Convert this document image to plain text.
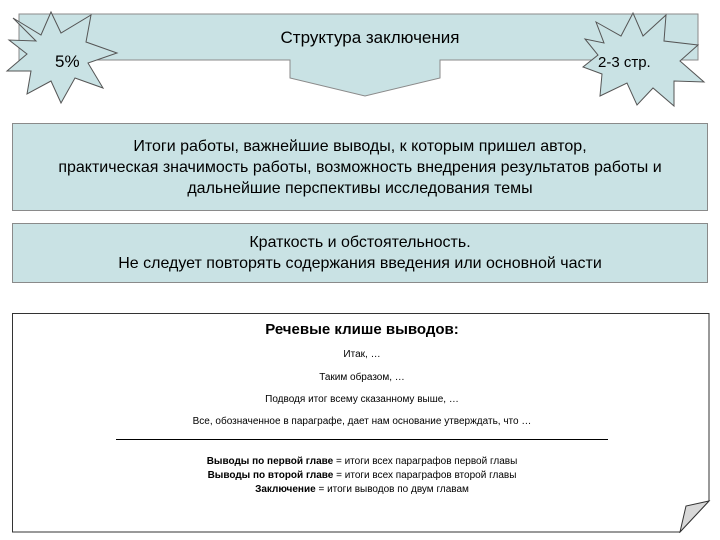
Структура заключения
5%	2-3 стр.
Итоги работы, важнейшие выводы, к которым пришел автор,
практическая значимость работы, возможность внедрения результатов работы и
дальнейшие перспективы исследования темы
Краткость и обстоятельность.
Не следует повторять содержания введения или основной части
Речевые клише выводов:
Итак, …
Таким образом, …
Подводя итог всему сказанному выше, …
Все, обозначенное в параграфе, дает нам основание утверждать, что …
Выводы по первой главе = итоги всех параграфов первой главы
Выводы по второй главе = итоги всех параграфов второй главы
Заключение = итоги выводов по двум главам
